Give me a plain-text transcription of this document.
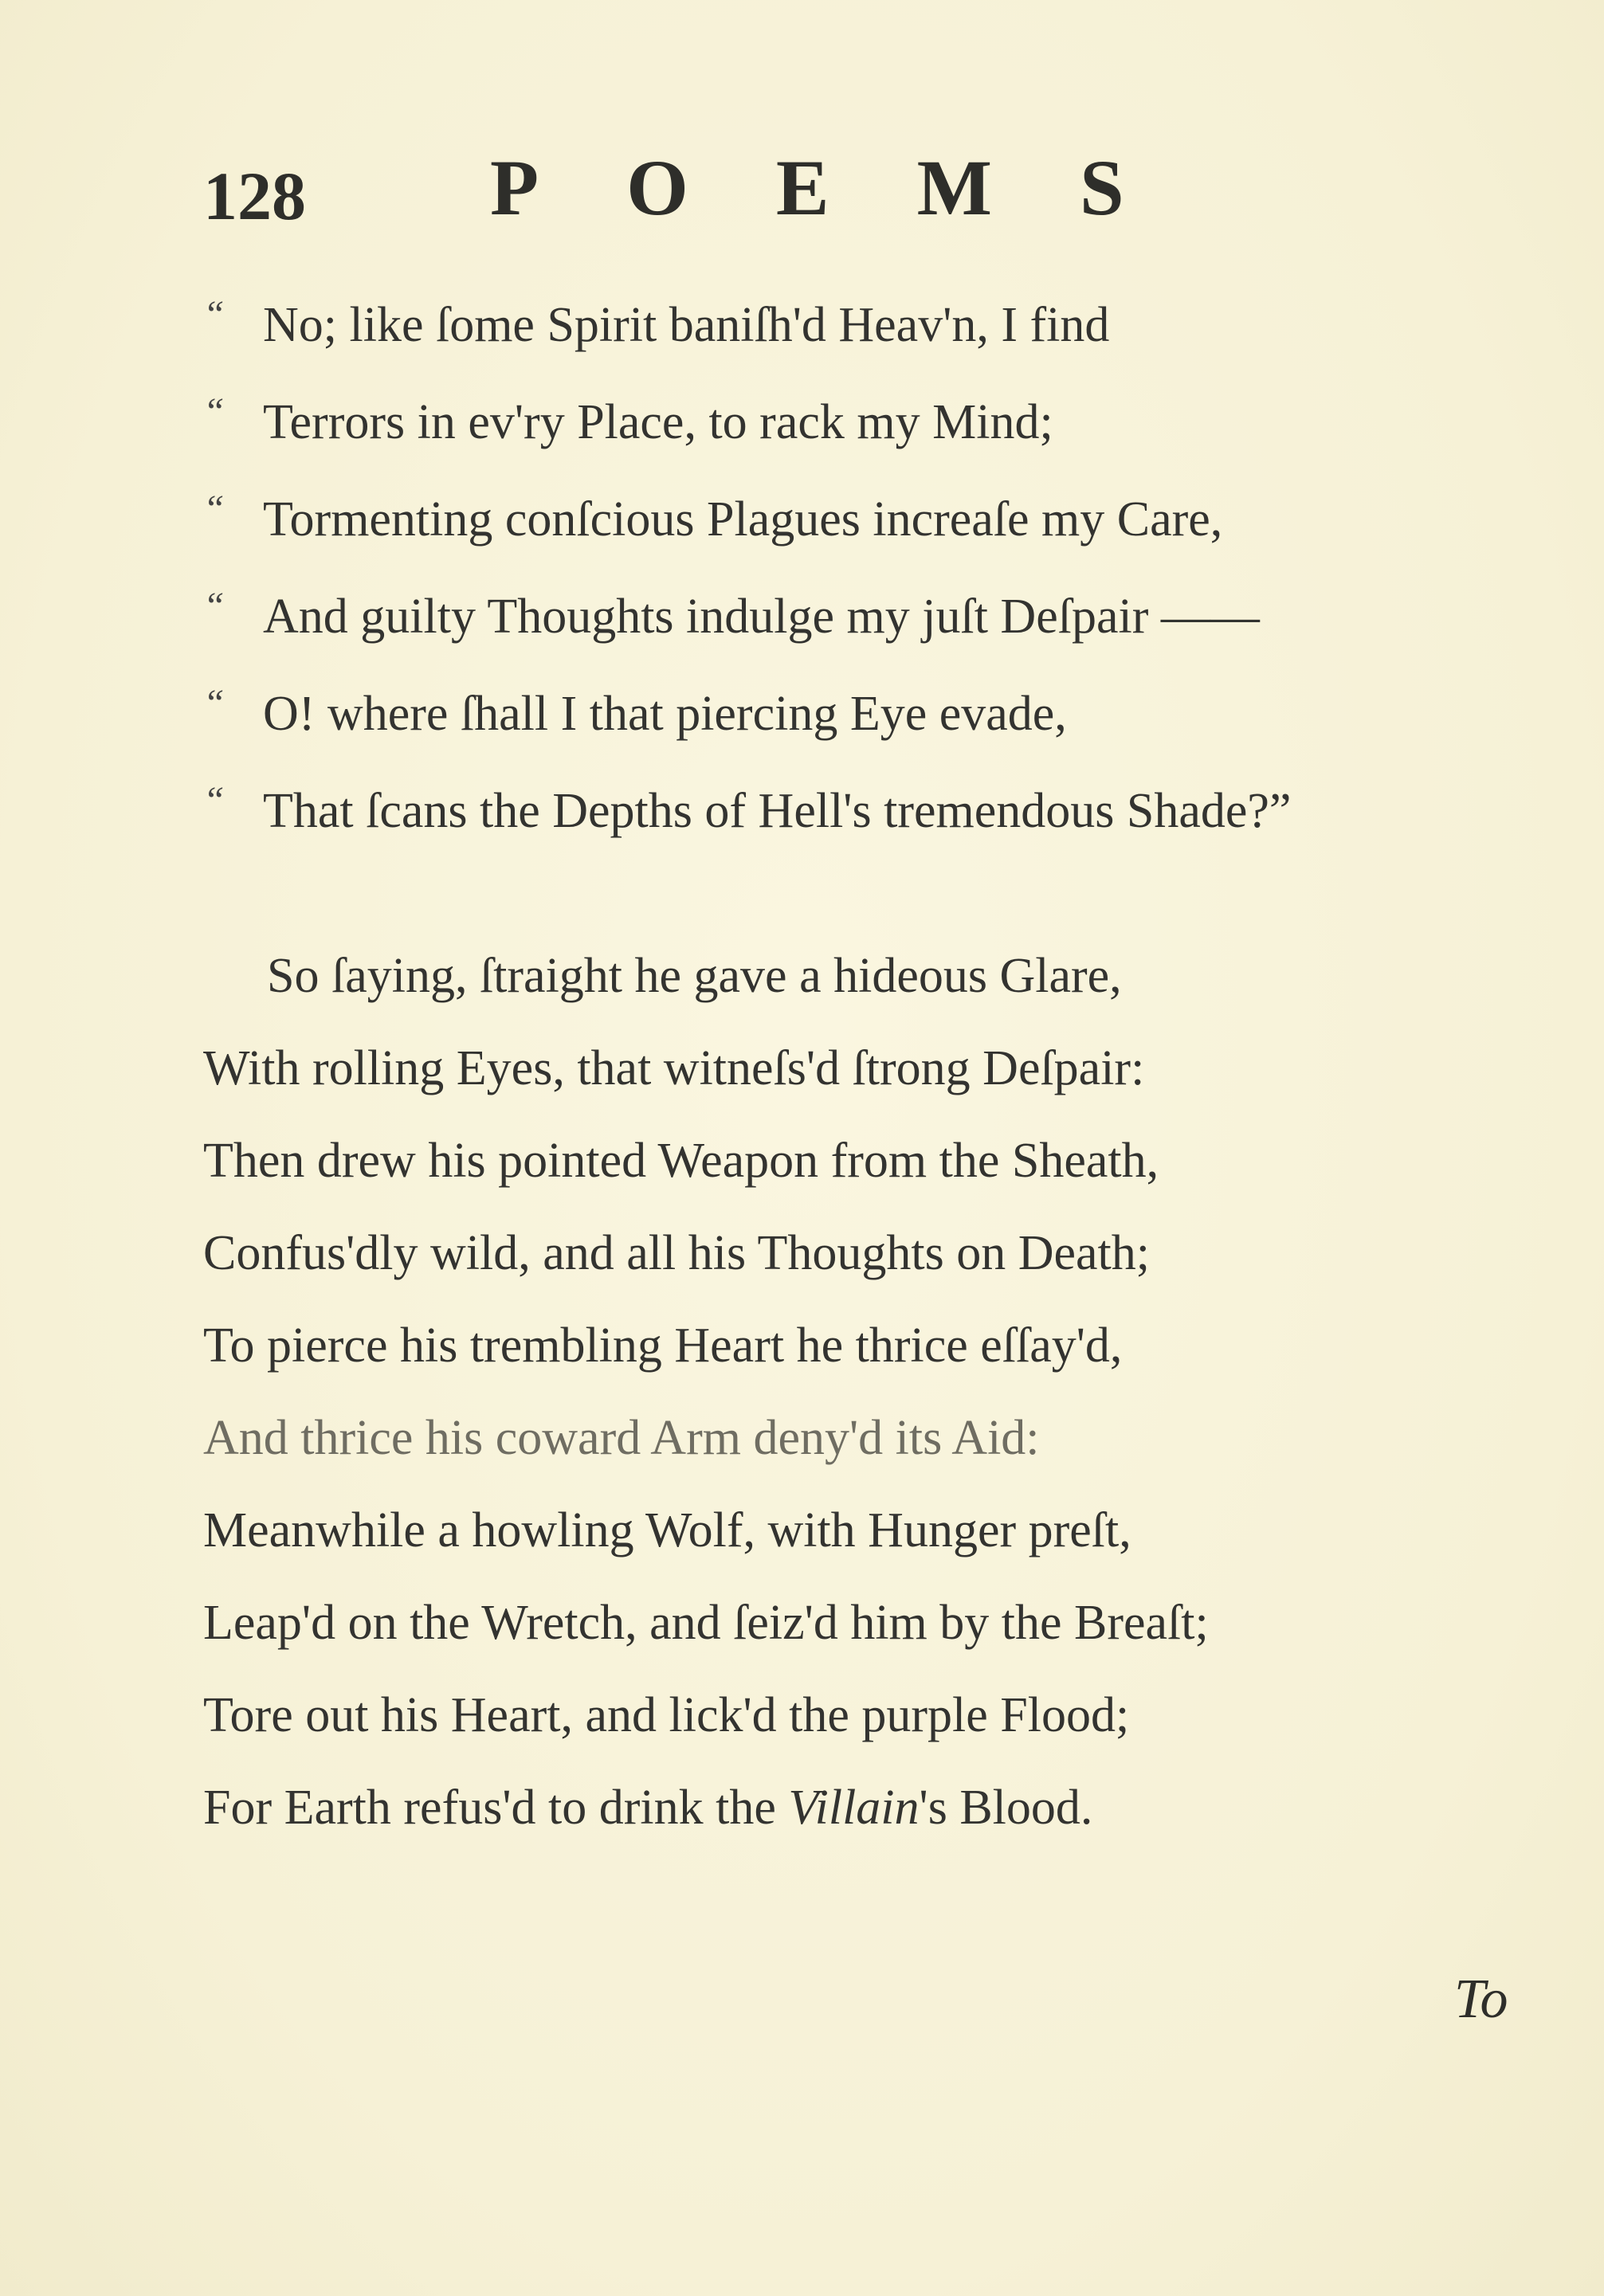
128 P O E M S
“ No; like ſome Spirit baniſh'd Heav'n, I find
“ Terrors in ev'ry Place, to rack my Mind;
“ Tormenting conſcious Plagues increaſe my Care,
“ And guilty Thoughts indulge my juſt Deſpair ——
“ O! where ſhall I that piercing Eye evade,
“ That ſcans the Depths of Hell's tremendous Shade?”
So ſaying, ſtraight he gave a hideous Glare,
With rolling Eyes, that witneſs'd ſtrong Deſpair:
Then drew his pointed Weapon from the Sheath,
Confus'dly wild, and all his Thoughts on Death;
To pierce his trembling Heart he thrice eſſay'd,
And thrice his coward Arm deny'd its Aid:
Meanwhile a howling Wolf, with Hunger preſt,
Leap'd on the Wretch, and ſeiz'd him by the Breaſt;
Tore out his Heart, and lick'd the purple Flood;
For Earth refus'd to drink the Villain's Blood.
To
